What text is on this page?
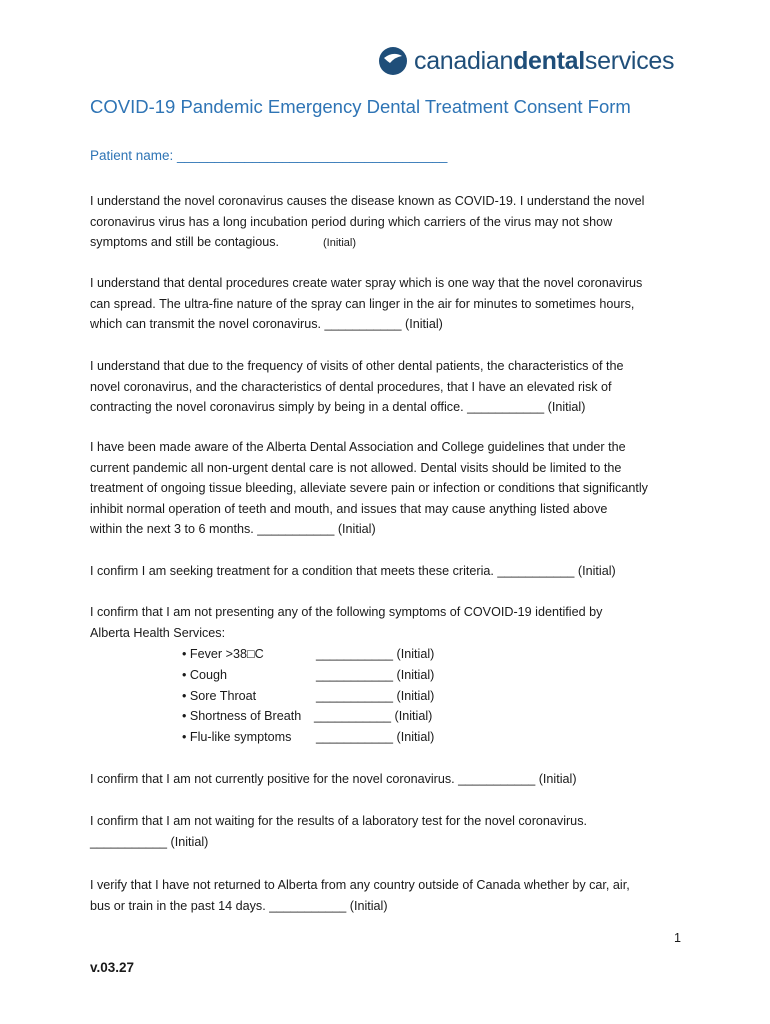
canadiandentalservices
COVID-19 Pandemic Emergency Dental Treatment Consent Form
Patient name: ____________________________________
I understand the novel coronavirus causes the disease known as COVID-19. I understand the novel
coronavirus virus has a long incubation period during which carriers of the virus may not show
symptoms and still be contagious.	(Initial)
I understand that dental procedures create water spray which is one way that the novel coronavirus
can spread. The ultra-fine nature of the spray can linger in the air for minutes to sometimes hours,
which can transmit the novel coronavirus. ___________ (Initial)
I understand that due to the frequency of visits of other dental patients, the characteristics of the
novel coronavirus, and the characteristics of dental procedures, that I have an elevated risk of
contracting the novel coronavirus simply by being in a dental office. ___________ (Initial)
I have been made aware of the Alberta Dental Association and College guidelines that under the
current pandemic all non-urgent dental care is not allowed. Dental visits should be limited to the
treatment of ongoing tissue bleeding, alleviate severe pain or infection or conditions that significantly
inhibit normal operation of teeth and mouth, and issues that may cause anything listed above
within the next 3 to 6 months. ___________ (Initial)
I confirm I am seeking treatment for a condition that meets these criteria. ___________ (Initial)
I confirm that I am not presenting any of the following symptoms of COVOID-19 identified by
Alberta Health Services:
• Fever >38□C	___________ (Initial)
• Cough	___________ (Initial)
• Sore Throat	___________ (Initial)
• Shortness of Breath	___________ (Initial)
• Flu-like symptoms	___________ (Initial)
I confirm that I am not currently positive for the novel coronavirus. ___________ (Initial)
I confirm that I am not waiting for the results of a laboratory test for the novel coronavirus.
___________ (Initial)
I verify that I have not returned to Alberta from any country outside of Canada whether by car, air,
bus or train in the past 14 days. ___________ (Initial)
1
v.03.27
